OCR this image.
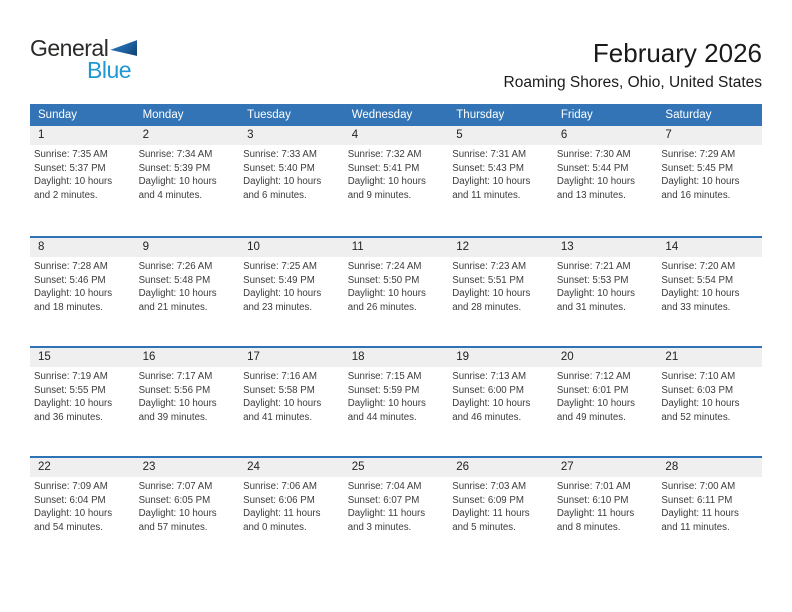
General
Blue
February 2026
Roaming Shores, Ohio, United States
Sunday	Monday	Tuesday	Wednesday	Thursday	Friday	Saturday
1	2	3	4	5	6	7
Sunrise: 7:35 AM
Sunset: 5:37 PM
Daylight: 10 hours and 2 minutes.
Sunrise: 7:34 AM
Sunset: 5:39 PM
Daylight: 10 hours and 4 minutes.
Sunrise: 7:33 AM
Sunset: 5:40 PM
Daylight: 10 hours and 6 minutes.
Sunrise: 7:32 AM
Sunset: 5:41 PM
Daylight: 10 hours and 9 minutes.
Sunrise: 7:31 AM
Sunset: 5:43 PM
Daylight: 10 hours and 11 minutes.
Sunrise: 7:30 AM
Sunset: 5:44 PM
Daylight: 10 hours and 13 minutes.
Sunrise: 7:29 AM
Sunset: 5:45 PM
Daylight: 10 hours and 16 minutes.
8	9	10	11	12	13	14
Sunrise: 7:28 AM
Sunset: 5:46 PM
Daylight: 10 hours and 18 minutes.
Sunrise: 7:26 AM
Sunset: 5:48 PM
Daylight: 10 hours and 21 minutes.
Sunrise: 7:25 AM
Sunset: 5:49 PM
Daylight: 10 hours and 23 minutes.
Sunrise: 7:24 AM
Sunset: 5:50 PM
Daylight: 10 hours and 26 minutes.
Sunrise: 7:23 AM
Sunset: 5:51 PM
Daylight: 10 hours and 28 minutes.
Sunrise: 7:21 AM
Sunset: 5:53 PM
Daylight: 10 hours and 31 minutes.
Sunrise: 7:20 AM
Sunset: 5:54 PM
Daylight: 10 hours and 33 minutes.
15	16	17	18	19	20	21
Sunrise: 7:19 AM
Sunset: 5:55 PM
Daylight: 10 hours and 36 minutes.
Sunrise: 7:17 AM
Sunset: 5:56 PM
Daylight: 10 hours and 39 minutes.
Sunrise: 7:16 AM
Sunset: 5:58 PM
Daylight: 10 hours and 41 minutes.
Sunrise: 7:15 AM
Sunset: 5:59 PM
Daylight: 10 hours and 44 minutes.
Sunrise: 7:13 AM
Sunset: 6:00 PM
Daylight: 10 hours and 46 minutes.
Sunrise: 7:12 AM
Sunset: 6:01 PM
Daylight: 10 hours and 49 minutes.
Sunrise: 7:10 AM
Sunset: 6:03 PM
Daylight: 10 hours and 52 minutes.
22	23	24	25	26	27	28
Sunrise: 7:09 AM
Sunset: 6:04 PM
Daylight: 10 hours and 54 minutes.
Sunrise: 7:07 AM
Sunset: 6:05 PM
Daylight: 10 hours and 57 minutes.
Sunrise: 7:06 AM
Sunset: 6:06 PM
Daylight: 11 hours and 0 minutes.
Sunrise: 7:04 AM
Sunset: 6:07 PM
Daylight: 11 hours and 3 minutes.
Sunrise: 7:03 AM
Sunset: 6:09 PM
Daylight: 11 hours and 5 minutes.
Sunrise: 7:01 AM
Sunset: 6:10 PM
Daylight: 11 hours and 8 minutes.
Sunrise: 7:00 AM
Sunset: 6:11 PM
Daylight: 11 hours and 11 minutes.
